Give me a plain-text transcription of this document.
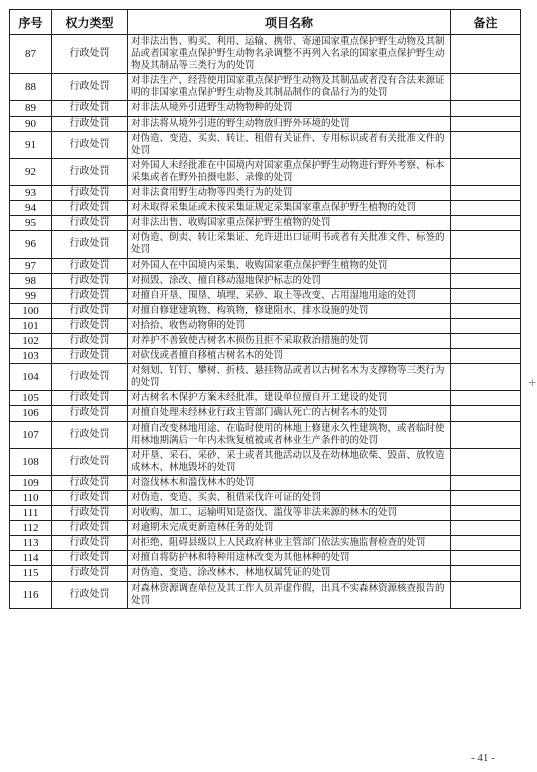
序号	权力类型	项目名称	备注
87	行政处罚	对非法出售、购买、利用、运输、携带、寄递国家重点保护野生动物及其制品或者国家重点保护野生动物名录调整不再列入名录的国家重点保护野生动物及其制品等三类行为的处罚	
88	行政处罚	对非法生产、经营使用国家重点保护野生动物及其制品或者没有合法来源证明的非国家重点保护野生动物及其制品制作的食品行为的处罚	
89	行政处罚	对非法从境外引进野生动物物种的处罚	
90	行政处罚	对非法将从境外引进的野生动物放归野外环境的处罚	
91	行政处罚	对伪造、变造、买卖、转让、租借有关证件、专用标识或者有关批准文件的处罚	
92	行政处罚	对外国人未经批准在中国境内对国家重点保护野生动物进行野外考察、标本采集或者在野外拍摄电影、录像的处罚	
93	行政处罚	对非法食用野生动物等四类行为的处罚	
94	行政处罚	对未取得采集证或未按采集证规定采集国家重点保护野生植物的处罚	
95	行政处罚	对非法出售、收购国家重点保护野生植物的处罚	
96	行政处罚	对伪造、倒卖、转让采集证、允许进出口证明书或者有关批准文件、标签的处罚	
97	行政处罚	对外国人在中国境内采集、收购国家重点保护野生植物的处罚	
98	行政处罚	对损毁、涂改、擅自移动湿地保护标志的处罚	
99	行政处罚	对擅自开垦、围垦、填埋、采砂、取土等改变、占用湿地用途的处罚	
100	行政处罚	对擅自修建建筑物、构筑物，修建阻水、排水设施的处罚	
101	行政处罚	对拾拾、收售动物卵的处罚	
102	行政处罚	对养护不善致使古树名木损伤且拒不采取救治措施的处罚	
103	行政处罚	对砍伐或者擅自移植古树名木的处罚	
104	行政处罚	对刻划、钉钉、攀树、折枝、悬挂物品或者以古树名木为支撑物等三类行为的处罚	
105	行政处罚	对古树名木保护方案未经批准，建设单位擅自开工建设的处罚	
106	行政处罚	对擅自处理未经林业行政主管部门确认死亡的古树名木的处罚	
107	行政处罚	对擅自改变林地用途、在临时使用的林地上修建永久性建筑物，或者临时使用林地期满后一年内未恢复植被或者林业生产条件的的处罚	
108	行政处罚	对开垦、采石、采砂、采土或者其他活动以及在幼林地砍柴、毁苗、放牧造成林木、林地毁坏的处罚	
109	行政处罚	对盗伐林木和滥伐林木的处罚	
110	行政处罚	对伪造、变造、买卖、租借采伐许可证的处罚	
111	行政处罚	对收购、加工、运输明知是盗伐、滥伐等非法来源的林木的处罚	
112	行政处罚	对逾期未完成更新造林任务的处罚	
113	行政处罚	对拒绝、阻碍县级以上人民政府林业主管部门依法实施监督检查的处罚	
114	行政处罚	对擅自将防护林和特种用途林改变为其他林种的处罚	
115	行政处罚	对伪造、变造、涂改林木、林地权属凭证的处罚	
116	行政处罚	对森林资源调查单位及其工作人员弄虚作假，出具不实森林资源核查报告的处罚	
+
- 41 -
